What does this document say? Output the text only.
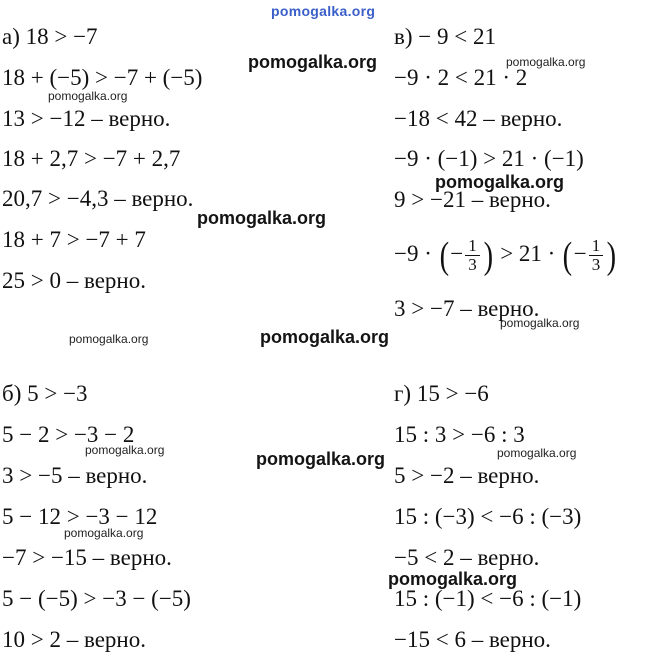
pomogalka.org
pomogalka.org
pomogalka.org
pomogalka.org
pomogalka.org
pomogalka.org
pomogalka.org
pomogalka.org	pomogalka.org
pomogalka.org	pomogalka.org	pomogalka.org
pomogalka.org
pomogalka.org
а) 18 > −7
18 + (−5) > −7 + (−5)
13 > −12 – верно.
18 + 2,7 > −7 + 2,7
20,7 > −4,3 – верно.
18 + 7 > −7 + 7
25 > 0 – верно.
в) − 9 < 21
−9 · 2 < 21 · 2
−18 < 42 – верно.
−9 · (−1) > 21 · (−1)
9 > −21 – верно.
−9 · (− $\frac{1}{3}$ ) > 21 · (− $\frac{1}{3}$ )
3 > −7 – верно.
б) 5 > −3
5 − 2 > −3 − 2
3 > −5 – верно.
5 − 12 > −3 − 12
−7 > −15 – верно.
5 − (−5) > −3 − (−5)
10 > 2 – верно.
г) 15 > −6
15 : 3 > −6 : 3
5 > −2 – верно.
15 : (−3) < −6 : (−3)
−5 < 2 – верно.
15 : (−1) < −6 : (−1)
−15 < 6 – верно.
